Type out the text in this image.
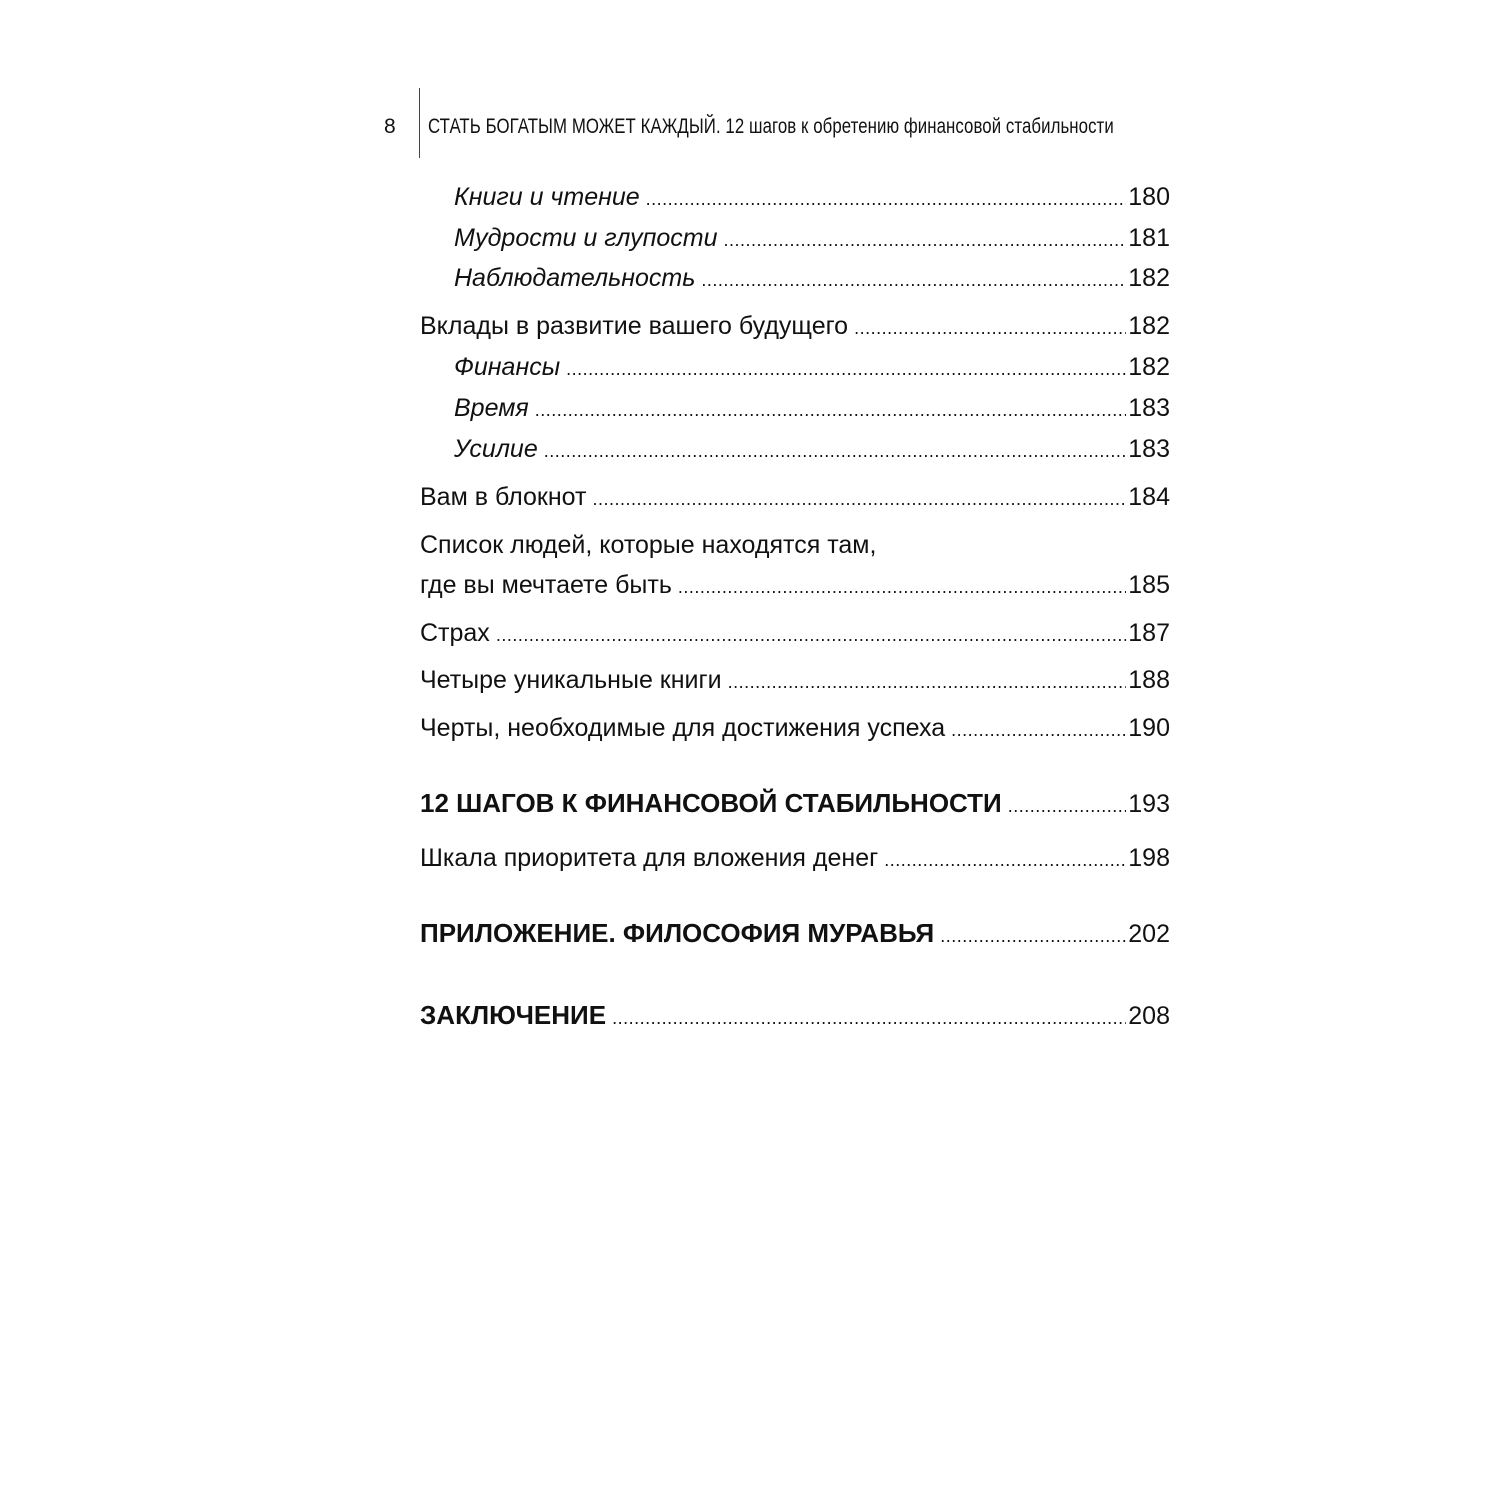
8 СТАТЬ БОГАТЫМ МОЖЕТ КАЖДЫЙ. 12 шагов к обретению финансовой стабильности
Книги и чтение .....	180
Мудрости и глупости .....	181
Наблюдательность .....	182
Вклады в развитие вашего будущего .....	182
Финансы .....	182
Время .....	183
Усилие .....	183
Вам в блокнот .....	184
Список людей, которые находятся там,
где вы мечтаете быть .....	185
Страх .....	187
Четыре уникальные книги .....	188
Черты, необходимые для достижения успеха .....	190
12 ШАГОВ К ФИНАНСОВОЙ СТАБИЛЬНОСТИ .....	193
Шкала приоритета для вложения денег .....	198
ПРИЛОЖЕНИЕ. ФИЛОСОФИЯ МУРАВЬЯ .....	202
ЗАКЛЮЧЕНИЕ .....	208
